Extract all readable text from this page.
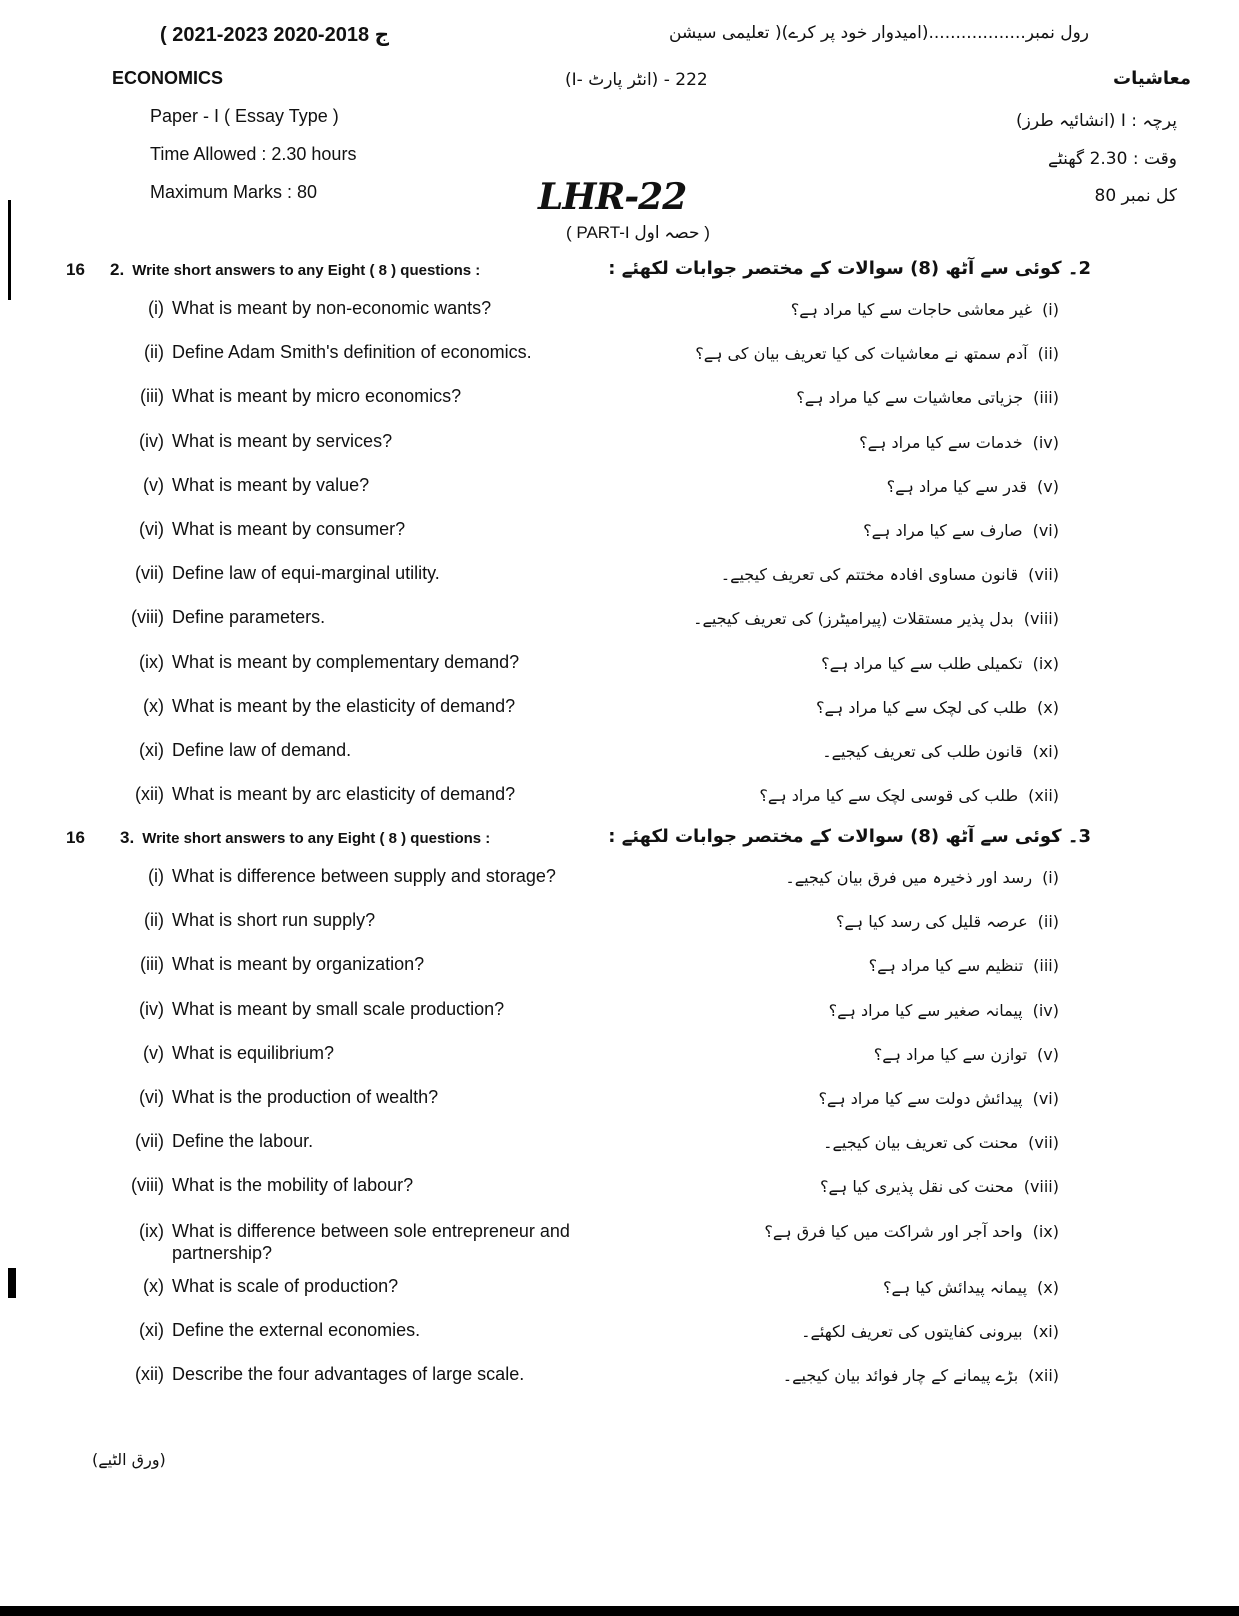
( 2021-2023 ج 2018-2020	رول نمبر..................(امیدوار خود پر کرے)( تعلیمی سیشن
ECONOMICS	222 - (انٹر پارٹ -I)	معاشیات
Paper - I ( Essay Type )
Time Allowed : 2.30 hours
Maximum Marks : 80
پرچہ : I (انشائیہ طرز)
وقت : 2.30 گھنٹے
کل نمبر 80
LHR-22
( PART-I حصہ اول )
16 2. Write short answers to any Eight ( 8 ) questions :	2۔ کوئی سے آٹھ (8) سوالات کے مختصر جوابات لکھئے :
(i) What is meant by non-economic wants?	(i)غیر معاشی حاجات سے کیا مراد ہے؟
(ii) Define Adam Smith's definition of economics.	(ii)آدم سمتھ نے معاشیات کی کیا تعریف بیان کی ہے؟
(iii) What is meant by micro economics?	(iii)جزیاتی معاشیات سے کیا مراد ہے؟
(iv) What is meant by services?	(iv)خدمات سے کیا مراد ہے؟
(v) What is meant by value?	(v)قدر سے کیا مراد ہے؟
(vi) What is meant by consumer?	(vi)صارف سے کیا مراد ہے؟
(vii) Define law of equi-marginal utility.	(vii)قانون مساوی افادہ مختتم کی تعریف کیجیے۔
(viii) Define parameters.	(viii)بدل پذیر مستقلات (پیرامیٹرز) کی تعریف کیجیے۔
(ix) What is meant by complementary demand?	(ix)تکمیلی طلب سے کیا مراد ہے؟
(x) What is meant by the elasticity of demand?	(x)طلب کی لچک سے کیا مراد ہے؟
(xi) Define law of demand.	(xi)قانون طلب کی تعریف کیجیے۔
(xii) What is meant by arc elasticity of demand?	(xii)طلب کی قوسی لچک سے کیا مراد ہے؟
16 3. Write short answers to any Eight ( 8 ) questions :	3۔ کوئی سے آٹھ (8) سوالات کے مختصر جوابات لکھئے :
(i) What is difference between supply and storage?	(i)رسد اور ذخیرہ میں فرق بیان کیجیے۔
(ii) What is short run supply?	(ii)عرصہ قلیل کی رسد کیا ہے؟
(iii) What is meant by organization?	(iii)تنظیم سے کیا مراد ہے؟
(iv) What is meant by small scale production?	(iv)پیمانہ صغیر سے کیا مراد ہے؟
(v) What is equilibrium?	(v)توازن سے کیا مراد ہے؟
(vi) What is the production of wealth?	(vi)پیدائش دولت سے کیا مراد ہے؟
(vii) Define the labour.	(vii)محنت کی تعریف بیان کیجیے۔
(viii) What is the mobility of labour?	(viii)محنت کی نقل پذیری کیا ہے؟
(ix) What is difference between sole entrepreneur and partnership?
(ix)واحد آجر اور شراکت میں کیا فرق ہے؟
(x) What is scale of production?	(x)پیمانہ پیدائش کیا ہے؟
(xi) Define the external economies.	(xi)بیرونی کفایتوں کی تعریف لکھئے۔
(xii) Describe the four advantages of large scale.	(xii)بڑے پیمانے کے چار فوائد بیان کیجیے۔
(ورق الٹیے)
